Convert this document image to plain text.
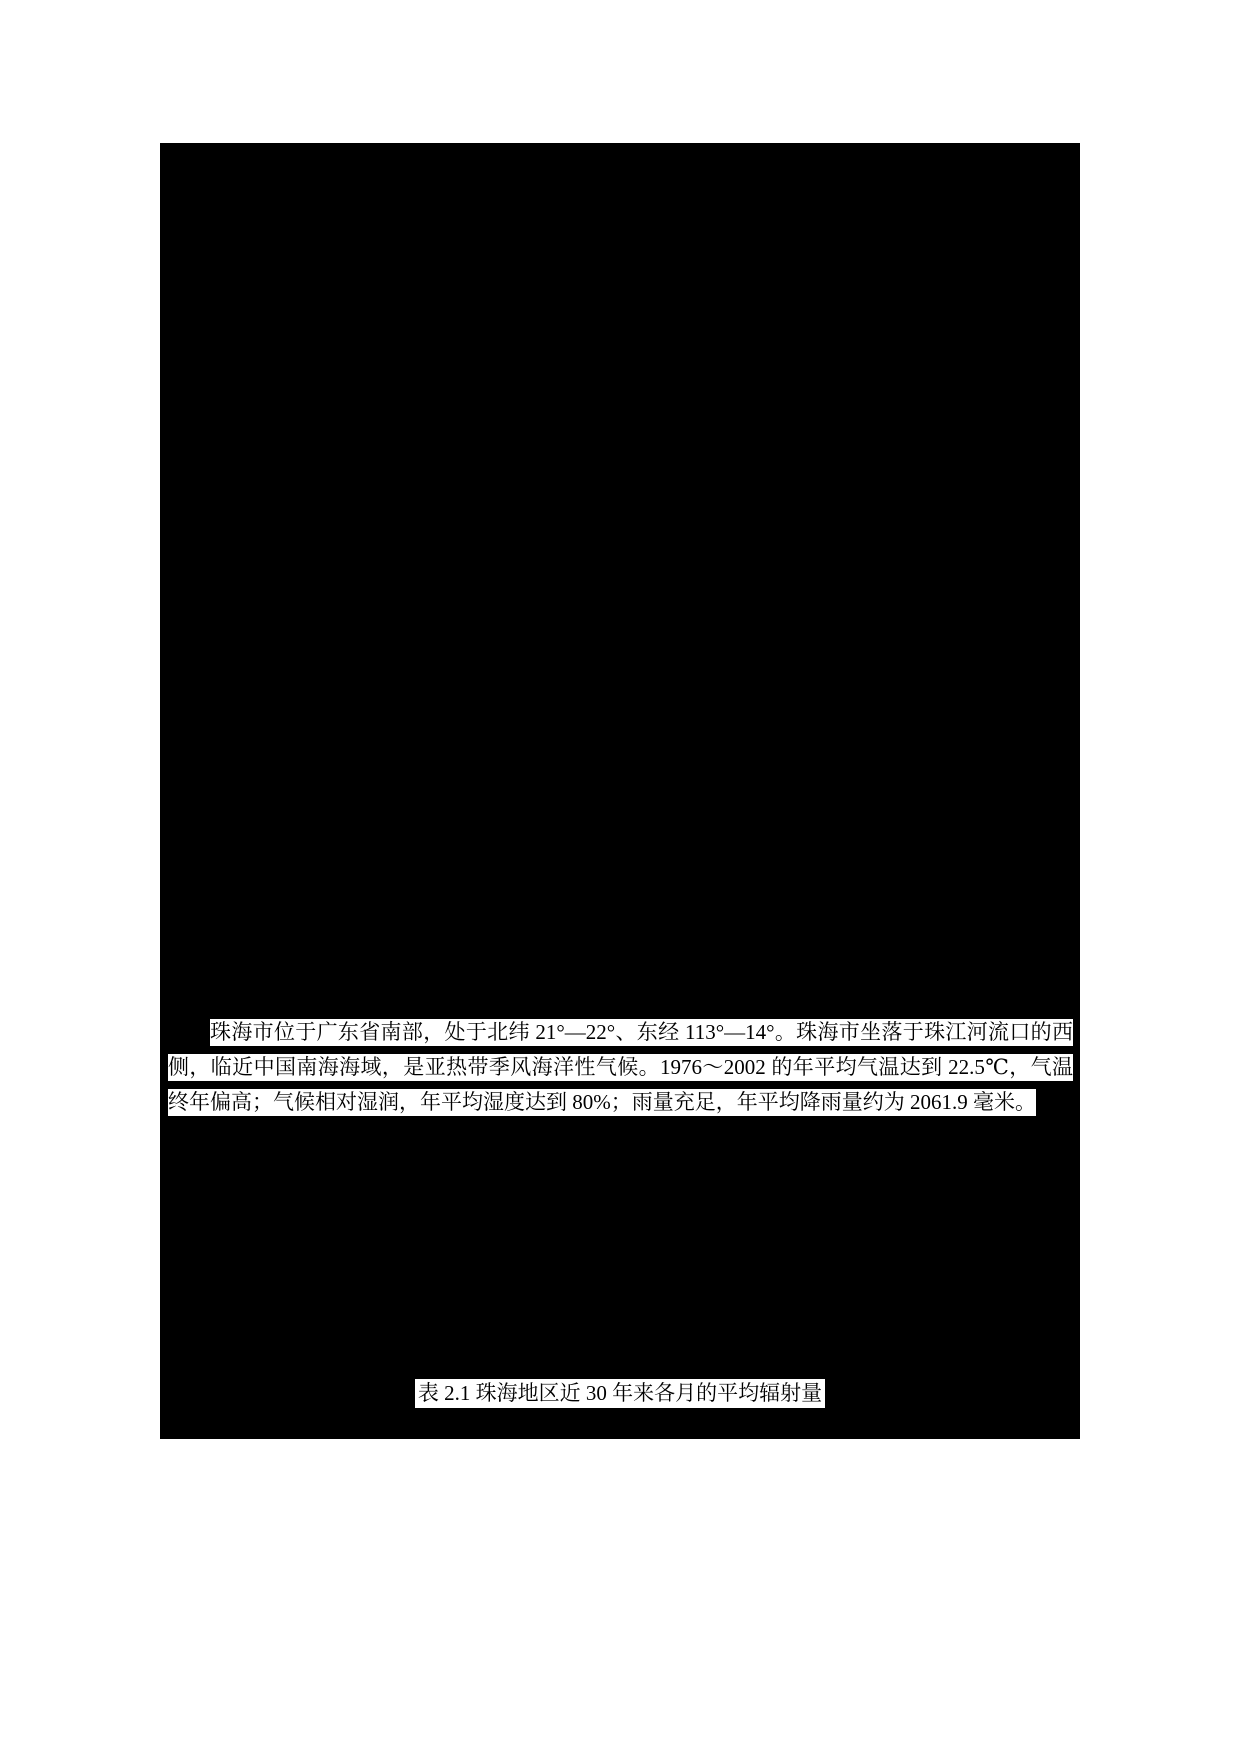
珠海市位于广东省南部，处于北纬 21°—22°、东经 113°—14°。珠海市坐落于珠江河流口的西侧，临近中国南海海域，是亚热带季风海洋性气候。1976～2002 的年平均气温达到 22.5℃，气温终年偏高；气候相对湿润，年平均湿度达到 80%；雨量充足，年平均降雨量约为 2061.9 毫米。

表 2.1 珠海地区近 30 年来各月的平均辐射量
